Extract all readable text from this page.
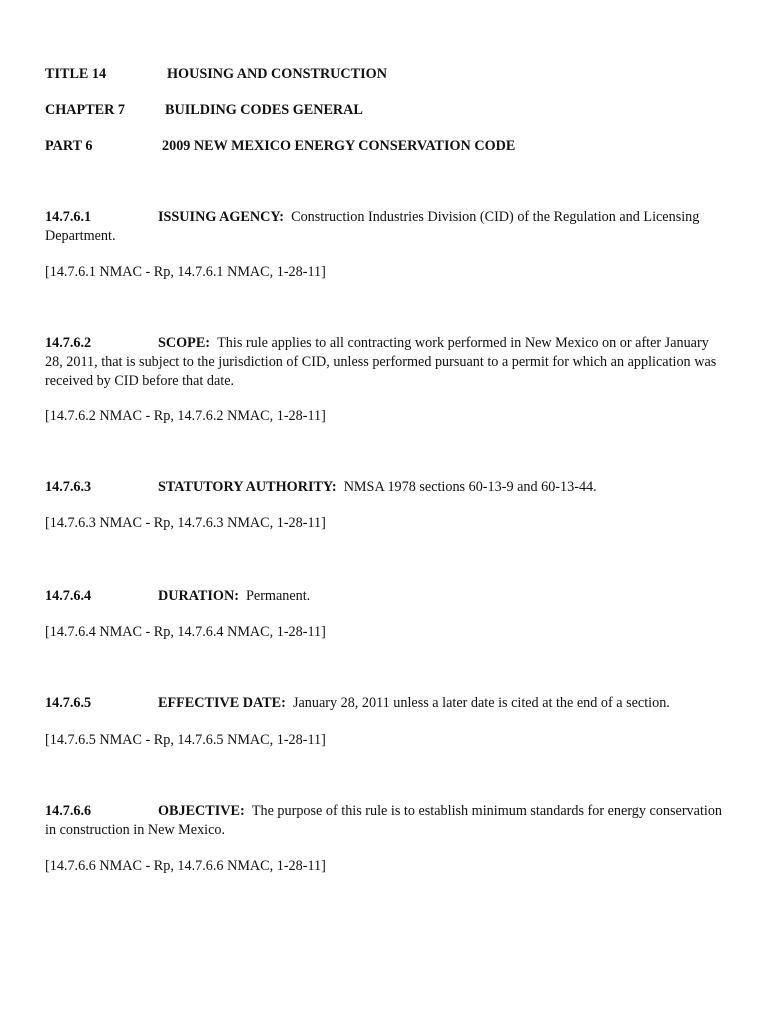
TITLE 14	HOUSING AND CONSTRUCTION
CHAPTER 7	BUILDING CODES GENERAL
PART 6	2009 NEW MEXICO ENERGY CONSERVATION CODE

14.7.6.1	ISSUING AGENCY: Construction Industries Division (CID) of the Regulation and Licensing Department.

[14.7.6.1 NMAC - Rp, 14.7.6.1 NMAC, 1-28-11]

14.7.6.2	SCOPE: This rule applies to all contracting work performed in New Mexico on or after January 28, 2011, that is subject to the jurisdiction of CID, unless performed pursuant to a permit for which an application was received by CID before that date.

[14.7.6.2 NMAC - Rp, 14.7.6.2 NMAC, 1-28-11]

14.7.6.3	STATUTORY AUTHORITY: NMSA 1978 sections 60-13-9 and 60-13-44.

[14.7.6.3 NMAC - Rp, 14.7.6.3 NMAC, 1-28-11]

14.7.6.4	DURATION: Permanent.

[14.7.6.4 NMAC - Rp, 14.7.6.4 NMAC, 1-28-11]

14.7.6.5	EFFECTIVE DATE: January 28, 2011 unless a later date is cited at the end of a section.

[14.7.6.5 NMAC - Rp, 14.7.6.5 NMAC, 1-28-11]

14.7.6.6	OBJECTIVE: The purpose of this rule is to establish minimum standards for energy conservation in construction in New Mexico.

[14.7.6.6 NMAC - Rp, 14.7.6.6 NMAC, 1-28-11]
